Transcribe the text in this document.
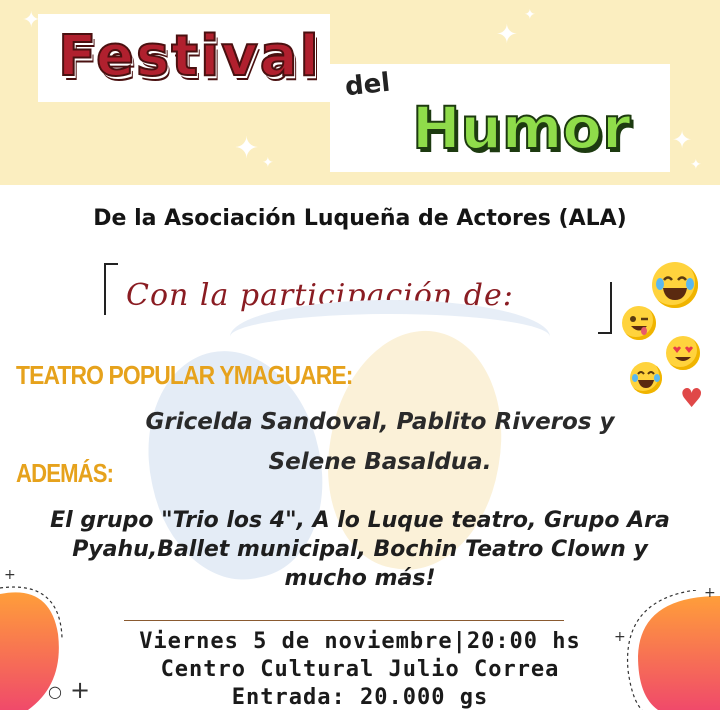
✦	✦
✦
✦ ✦
✦
✦
Festival del
Humor
De la Asociación Luqueña de Actores (ALA)
Con la participación de:
♥
TEATRO POPULAR YMAGUARE:
Gricelda Sandoval, Pablito Riveros y
Selene Basaldua.
ADEMÁS:
El grupo "Trio los 4", A lo Luque teatro, Grupo Ara
Pyahu,Ballet municipal, Bochin Teatro Clown y
mucho más!
+
+
○
+
+
Viernes 5 de noviembre|20:00 hs
Centro Cultural Julio Correa
Entrada: 20.000 gs
